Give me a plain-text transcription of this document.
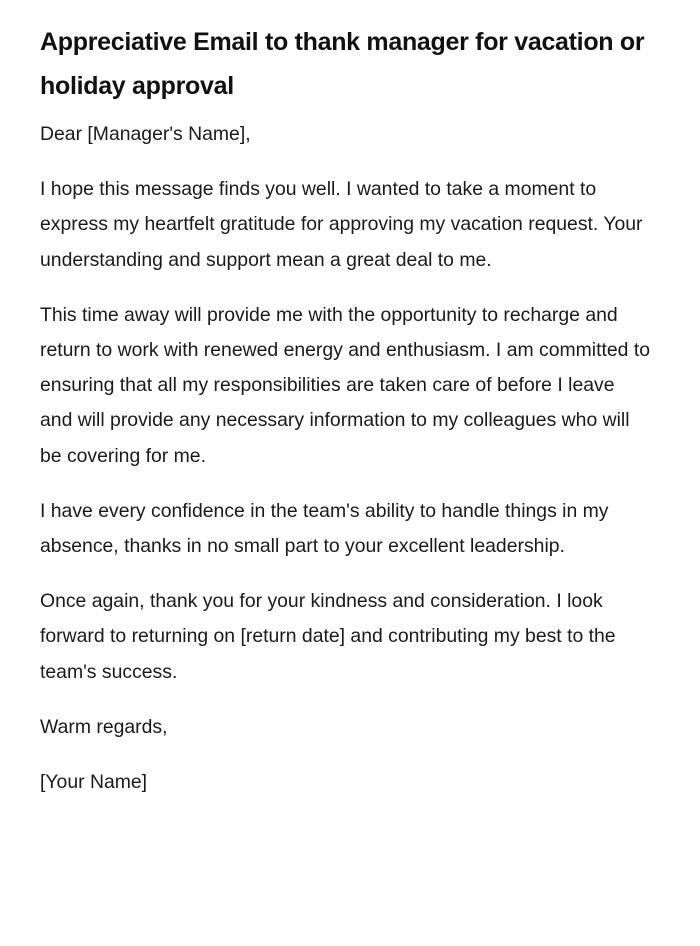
Appreciative Email to thank manager for vacation or holiday approval

Dear [Manager's Name],

I hope this message finds you well. I wanted to take a moment to express my heartfelt gratitude for approving my vacation request. Your understanding and support mean a great deal to me.

This time away will provide me with the opportunity to recharge and return to work with renewed energy and enthusiasm. I am committed to ensuring that all my responsibilities are taken care of before I leave and will provide any necessary information to my colleagues who will be covering for me.

I have every confidence in the team's ability to handle things in my absence, thanks in no small part to your excellent leadership.

Once again, thank you for your kindness and consideration. I look forward to returning on [return date] and contributing my best to the team's success.

Warm regards,

[Your Name]
